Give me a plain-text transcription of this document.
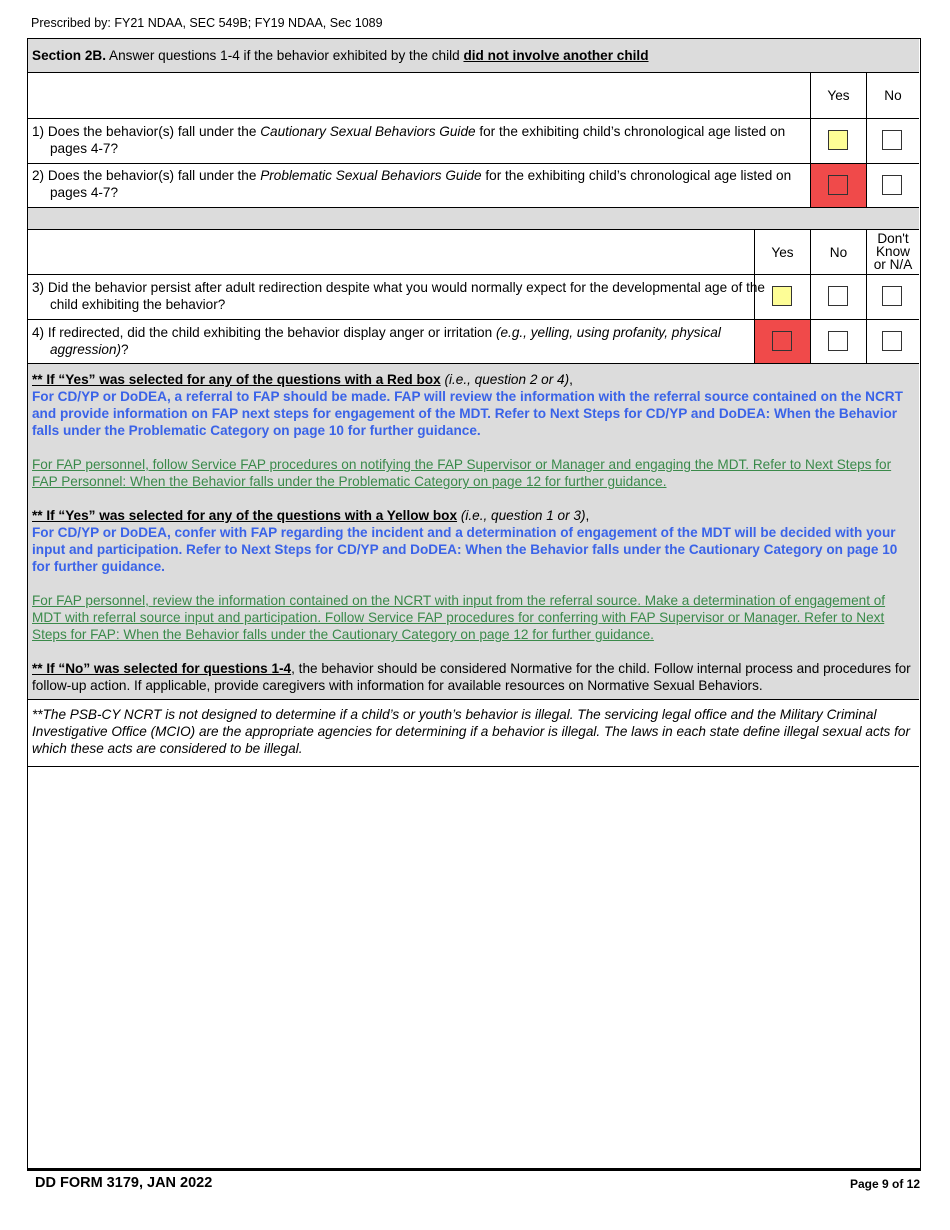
Prescribed by: FY21 NDAA, SEC 549B; FY19 NDAA, Sec 1089
Section 2B. Answer questions 1-4 if the behavior exhibited by the child did not involve another child
Yes	No
1) Does the behavior(s) fall under the Cautionary Sexual Behaviors Guide for the exhibiting child’s chronological age listed on pages 4-7?
2) Does the behavior(s) fall under the Problematic Sexual Behaviors Guide for the exhibiting child’s chronological age listed on pages 4-7?
Yes	No
Don't
Know
or N/A
3) Did the behavior persist after adult redirection despite what you would normally expect for the developmental age of the child exhibiting the behavior?
4) If redirected, did the child exhibiting the behavior display anger or irritation (e.g., yelling, using profanity, physical aggression)?

** If “Yes” was selected for any of the questions with a Red box (i.e., question 2 or 4),
For CD/YP or DoDEA, a referral to FAP should be made. FAP will review the information with the referral source contained on the NCRT and provide information on FAP next steps for engagement of the MDT. Refer to Next Steps for CD/YP and DoDEA: When the Behavior falls under the Problematic Category on page 10 for further guidance.

For FAP personnel, follow Service FAP procedures on notifying the FAP Supervisor or Manager and engaging the MDT. Refer to Next Steps for FAP Personnel: When the Behavior falls under the Problematic Category on page 12 for further guidance.

** If “Yes” was selected for any of the questions with a Yellow box (i.e., question 1 or 3),
For CD/YP or DoDEA, confer with FAP regarding the incident and a determination of engagement of the MDT will be decided with your input and participation. Refer to Next Steps for CD/YP and DoDEA: When the Behavior falls under the Cautionary Category on page 10 for further guidance.

For FAP personnel, review the information contained on the NCRT with input from the referral source. Make a determination of engagement of MDT with referral source input and participation. Follow Service FAP procedures for conferring with FAP Supervisor or Manager. Refer to Next Steps for FAP: When the Behavior falls under the Cautionary Category on page 12 for further guidance.

** If “No” was selected for questions 1-4, the behavior should be considered Normative for the child. Follow internal process and procedures for follow-up action. If applicable, provide caregivers with information for available resources on Normative Sexual Behaviors.

**The PSB-CY NCRT is not designed to determine if a child’s or youth’s behavior is illegal. The servicing legal office and the Military Criminal Investigative Office (MCIO) are the appropriate agencies for determining if a behavior is illegal. The laws in each state define illegal sexual acts for which these acts are considered to be illegal.
DD FORM 3179, JAN 2022	Page 9 of 12
